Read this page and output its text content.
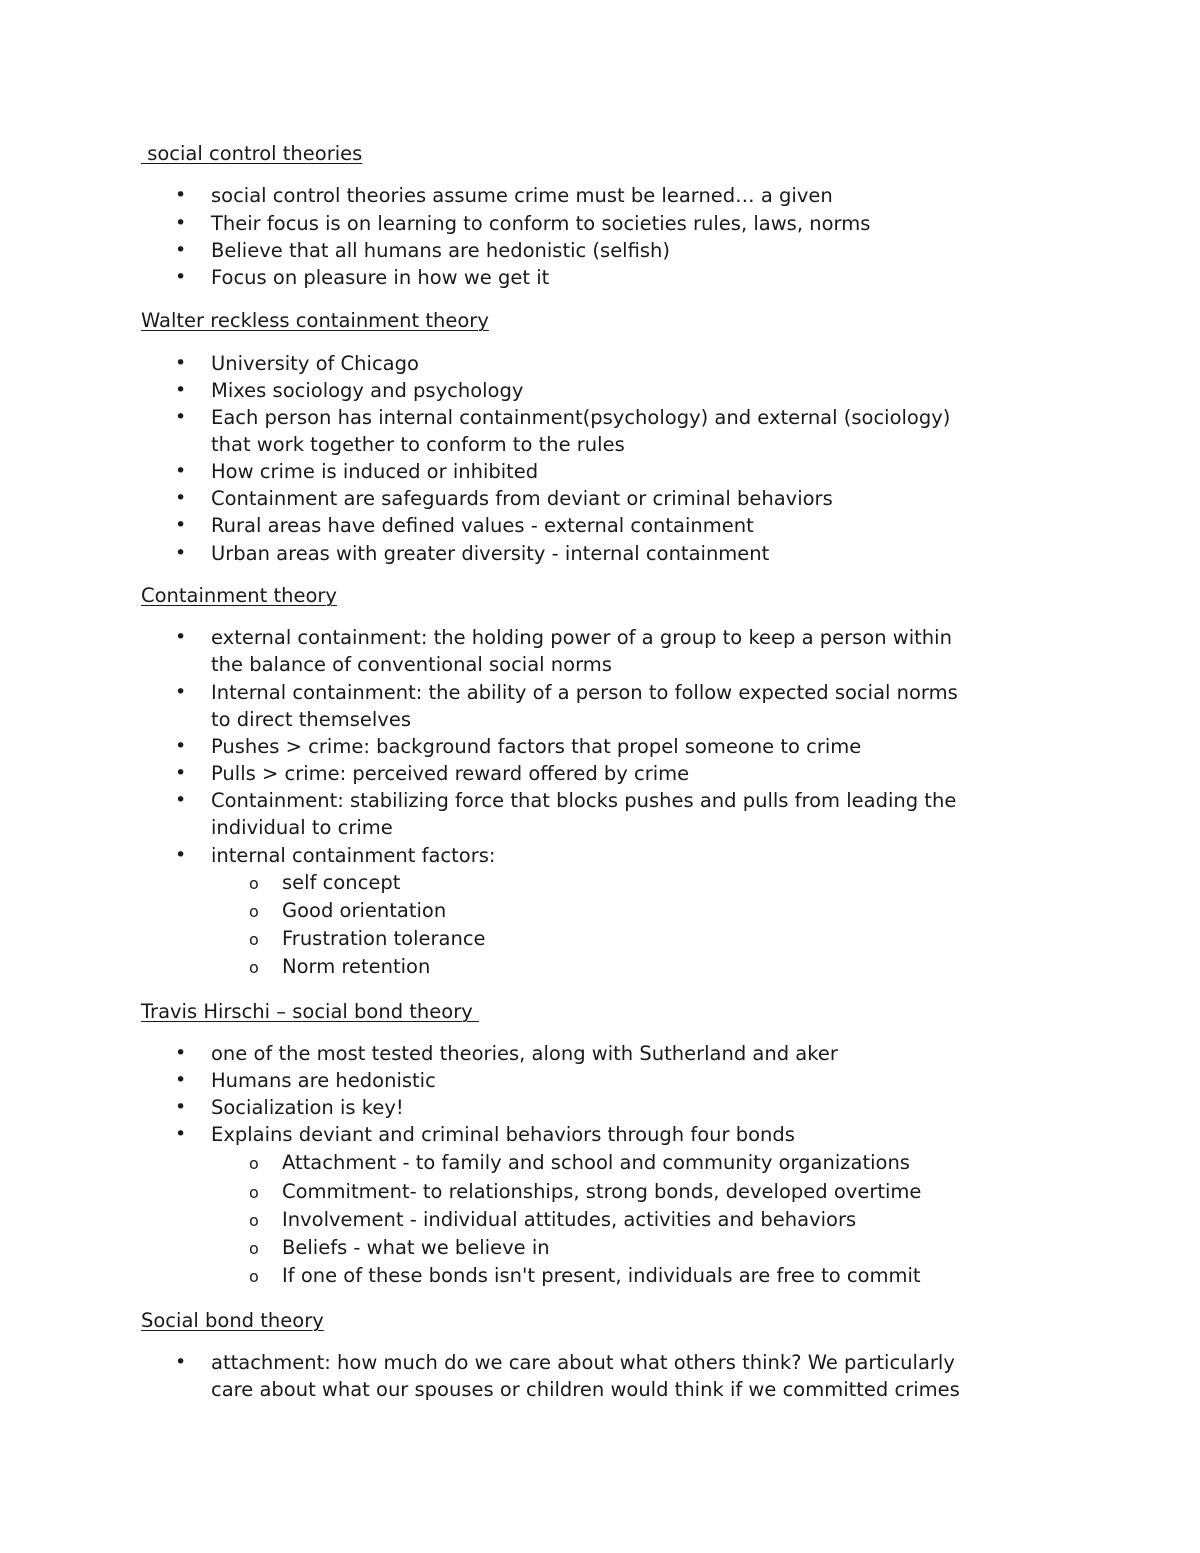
social control theories
• social control theories assume crime must be learned… a given
• Their focus is on learning to conform to societies rules, laws, norms
• Believe that all humans are hedonistic (selfish)
• Focus on pleasure in how we get it
Walter reckless containment theory
• University of Chicago
• Mixes sociology and psychology
• Each person has internal containment(psychology) and external (sociology)
that work together to conform to the rules
• How crime is induced or inhibited
• Containment are safeguards from deviant or criminal behaviors
• Rural areas have defined values - external containment
• Urban areas with greater diversity - internal containment
Containment theory
• external containment: the holding power of a group to keep a person within
the balance of conventional social norms
• Internal containment: the ability of a person to follow expected social norms
to direct themselves
• Pushes > crime: background factors that propel someone to crime
• Pulls > crime: perceived reward offered by crime
• Containment: stabilizing force that blocks pushes and pulls from leading the
individual to crime
• internal containment factors:
o self concept
o Good orientation
o Frustration tolerance
o Norm retention
Travis Hirschi – social bond theory
• one of the most tested theories, along with Sutherland and aker
• Humans are hedonistic
• Socialization is key!
• Explains deviant and criminal behaviors through four bonds
o Attachment - to family and school and community organizations
o Commitment- to relationships, strong bonds, developed overtime
o Involvement - individual attitudes, activities and behaviors
o Beliefs - what we believe in
o If one of these bonds isn't present, individuals are free to commit
Social bond theory
• attachment: how much do we care about what others think? We particularly
care about what our spouses or children would think if we committed crimes
